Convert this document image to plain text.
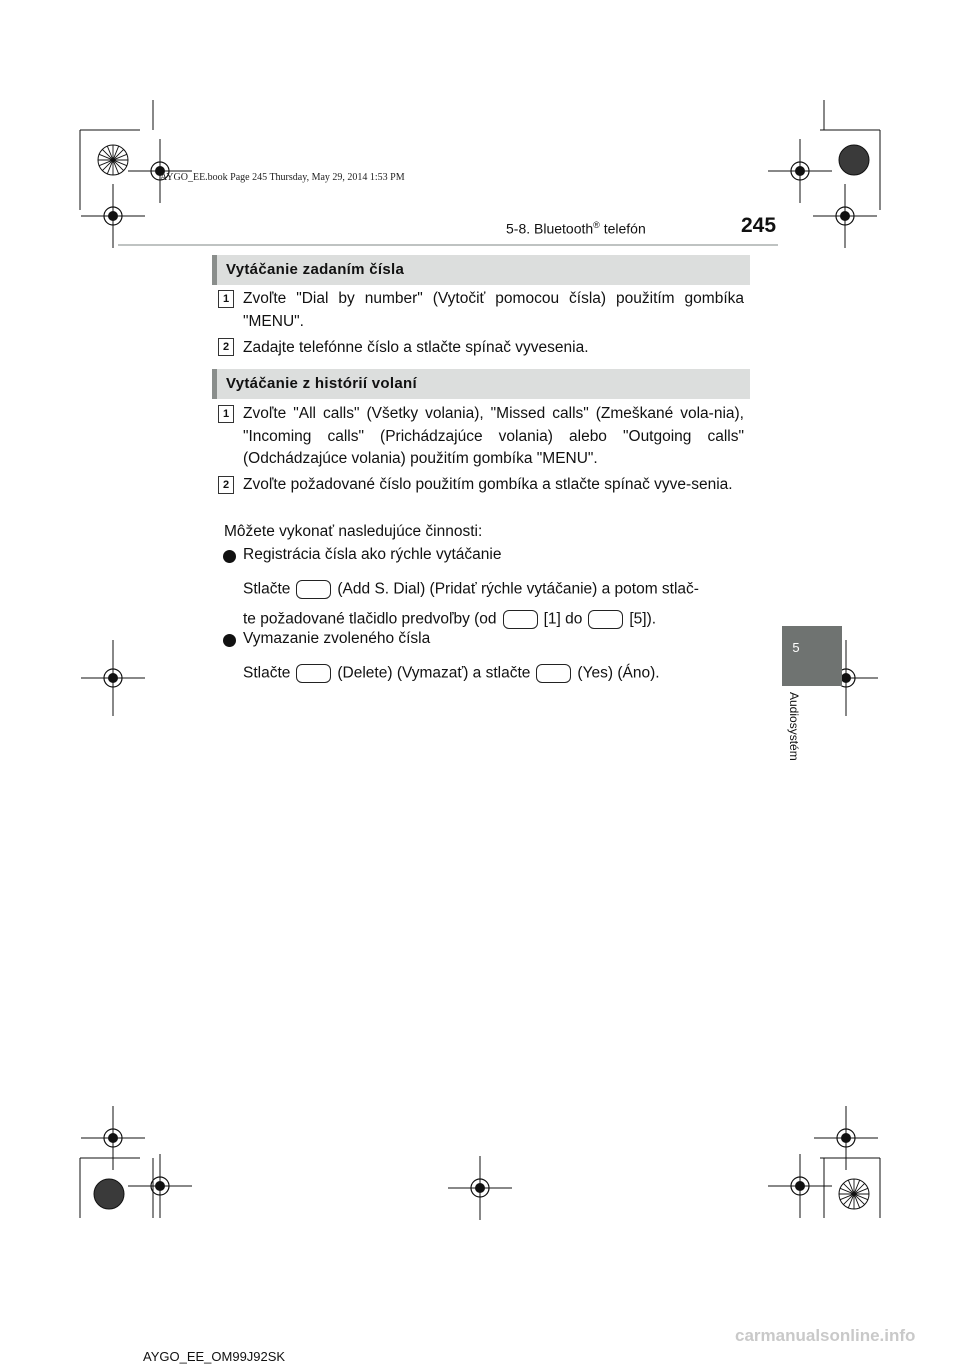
AYGO_EE.book Page 245 Thursday, May 29, 2014 1:53 PM
5-8. Bluetooth® telefón	245
5
Audiosystém
Vytáčanie zadaním čísla
1 Zvoľte "Dial by number" (Vytočiť pomocou čísla) použitím gombíka "MENU".
2 Zadajte telefónne číslo a stlačte spínač vyvesenia.
Vytáčanie z histórií volaní
1 Zvoľte "All calls" (Všetky volania), "Missed calls" (Zmeškané vola-nia), "Incoming calls" (Prichádzajúce volania) alebo "Outgoing calls" (Odchádzajúce volania) použitím gombíka "MENU".
2 Zvoľte požadované číslo použitím gombíka a stlačte spínač vyve-senia.
Môžete vykonať nasledujúce činnosti:
Registrácia čísla ako rýchle vytáčanie
Stlačte	(Add S. Dial) (Pridať rýchle vytáčanie) a potom stlač-
te požadované tlačidlo predvoľby (od	[1] do	[5]).
Vymazanie zvoleného čísla
Stlačte	(Delete) (Vymazať) a stlačte	(Yes) (Áno).
AYGO_EE_OM99J92SK
carmanualsonline.info
